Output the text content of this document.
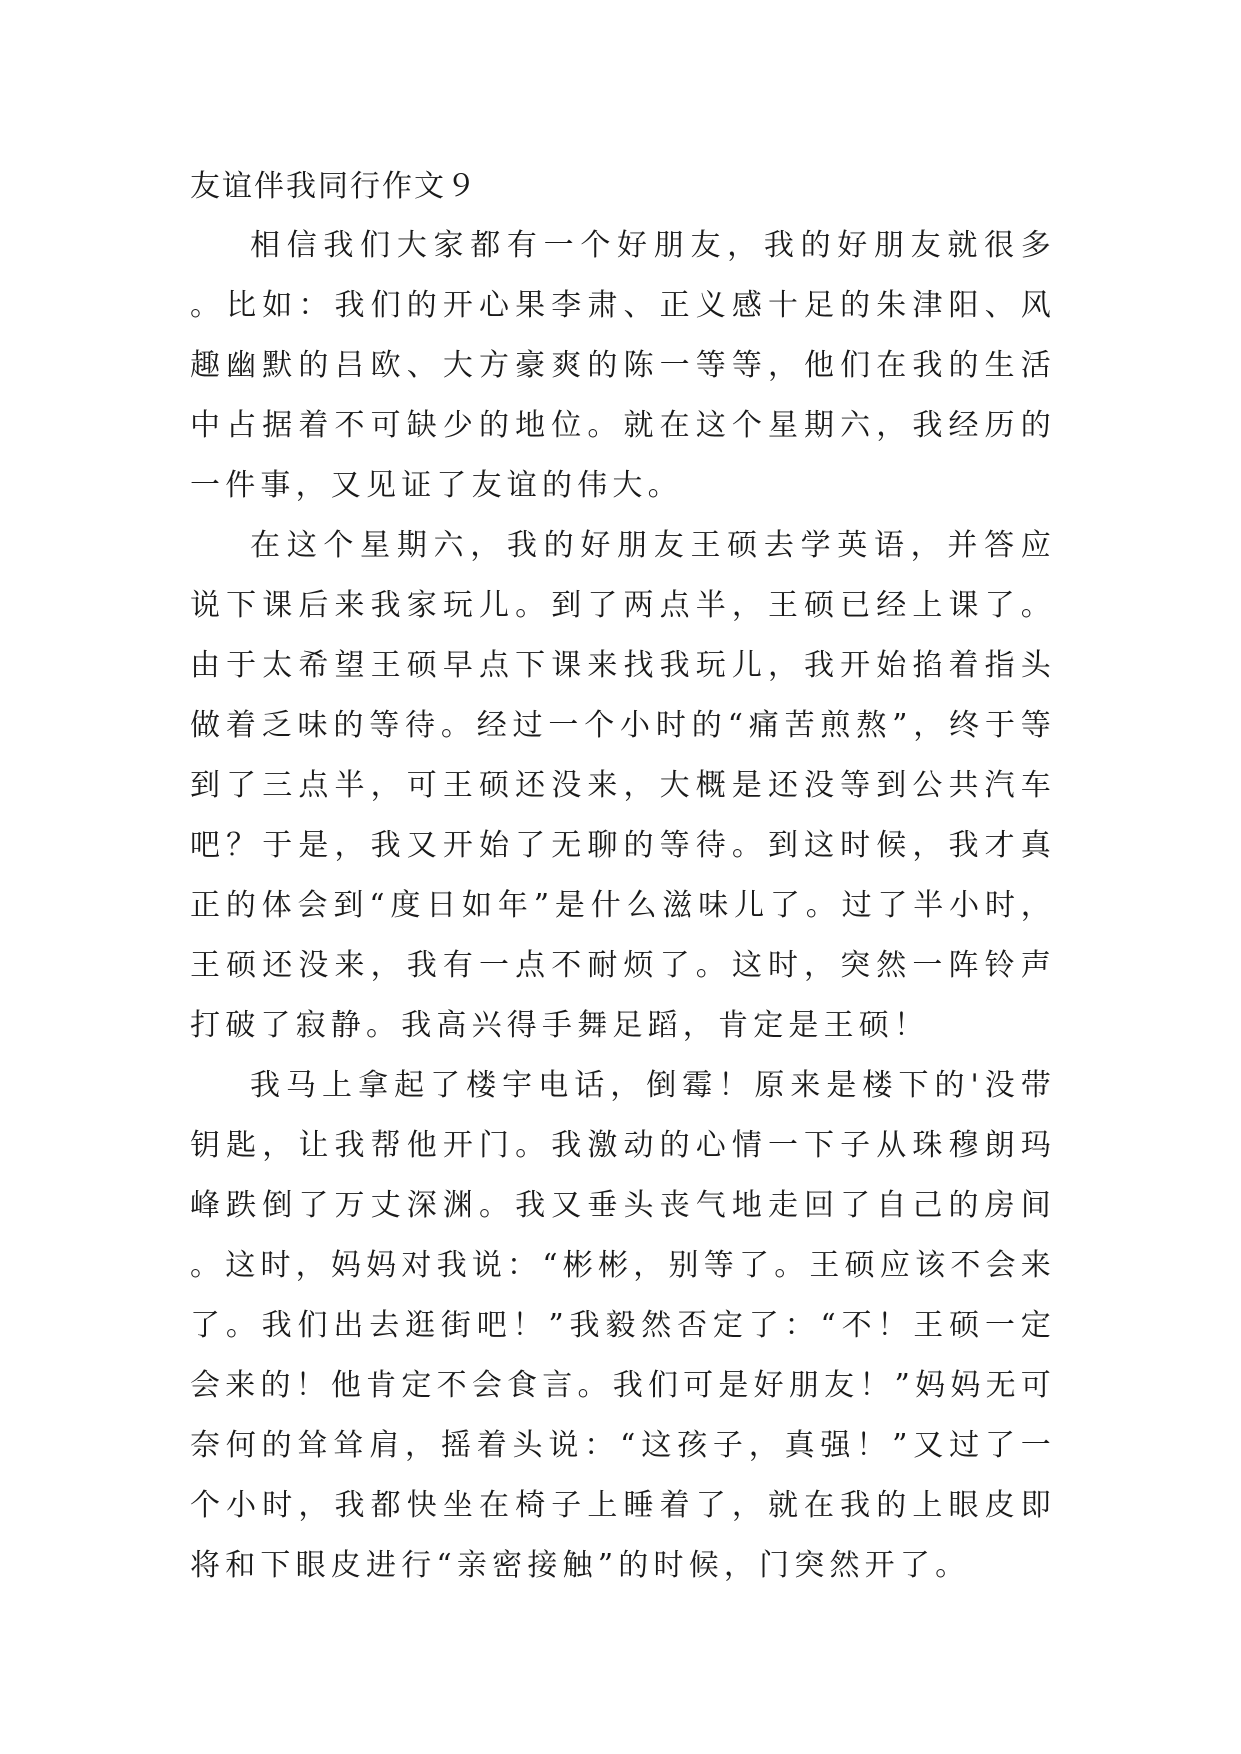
友谊伴我同行作文９

相信我们大家都有一个好朋友，我的好朋友就很多。比如：我们的开心果李肃、正义感十足的朱津阳、风趣幽默的吕欧、大方豪爽的陈一等等，他们在我的生活中占据着不可缺少的地位。就在这个星期六，我经历的一件事，又见证了友谊的伟大。

在这个星期六，我的好朋友王硕去学英语，并答应说下课后来我家玩儿。到了两点半，王硕已经上课了。由于太希望王硕早点下课来找我玩儿，我开始掐着指头做着乏味的等待。经过一个小时的“痛苦煎熬”，终于等到了三点半，可王硕还没来，大概是还没等到公共汽车吧？于是，我又开始了无聊的等待。到这时候，我才真正的体会到“度日如年”是什么滋味儿了。过了半小时，王硕还没来，我有一点不耐烦了。这时，突然一阵铃声打破了寂静。我高兴得手舞足蹈，肯定是王硕！

我马上拿起了楼宇电话，倒霉！原来是楼下的'没带钥匙，让我帮他开门。我激动的心情一下子从珠穆朗玛峰跌倒了万丈深渊。我又垂头丧气地走回了自己的房间。这时，妈妈对我说：“彬彬，别等了。王硕应该不会来了。我们出去逛街吧！”我毅然否定了：“不！王硕一定会来的！他肯定不会食言。我们可是好朋友！”妈妈无可奈何的耸耸肩，摇着头说：“这孩子，真强！”又过了一个小时，我都快坐在椅子上睡着了，就在我的上眼皮即将和下眼皮进行“亲密接触”的时候，门突然开了。
